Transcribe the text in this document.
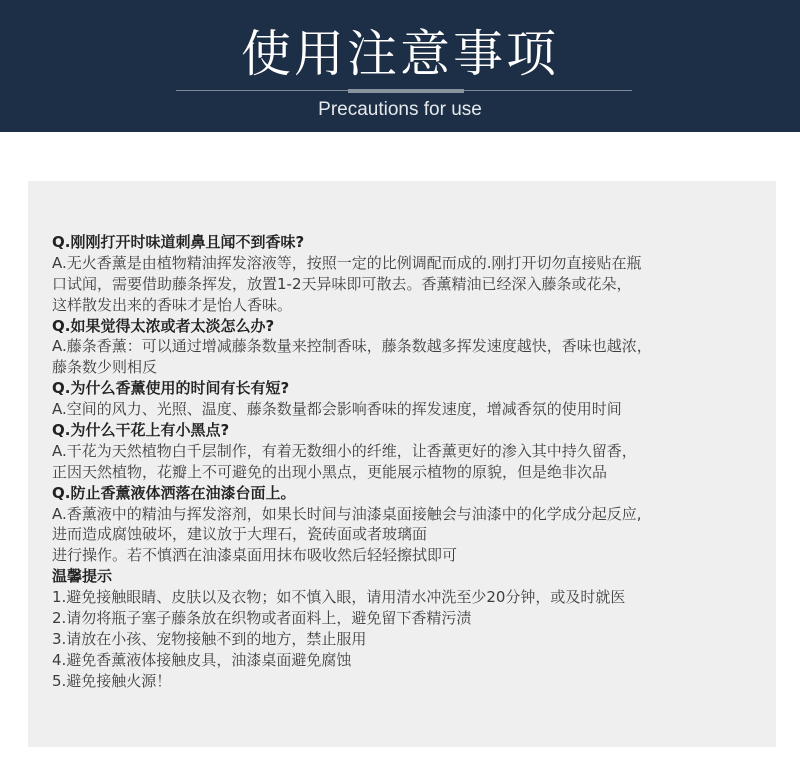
使用注意事项
Precautions for use
Q.刚刚打开时味道刺鼻且闻不到香味?
A.无火香薰是由植物精油挥发溶液等，按照一定的比例调配而成的.刚打开切勿直接贴在瓶
口试闻，需要借助藤条挥发，放置1-2天异味即可散去。香薰精油已经深入藤条或花朵，
这样散发出来的香味才是怡人香味。
Q.如果觉得太浓或者太淡怎么办?
A.藤条香薰：可以通过增减藤条数量来控制香味，藤条数越多挥发速度越快，香味也越浓，
藤条数少则相反
Q.为什么香薰使用的时间有长有短?
A.空间的风力、光照、温度、藤条数量都会影响香味的挥发速度，增减香氛的使用时间
Q.为什么干花上有小黑点?
A.干花为天然植物白千层制作，有着无数细小的纤维，让香薰更好的渗入其中持久留香，
正因天然植物，花瓣上不可避免的出现小黑点，更能展示植物的原貌，但是绝非次品
Q.防止香薰液体洒落在油漆台面上。
A.香薰液中的精油与挥发溶剂，如果长时间与油漆桌面接触会与油漆中的化学成分起反应,
进而造成腐蚀破坏，建议放于大理石，瓷砖面或者玻璃面
进行操作。若不慎洒在油漆桌面用抹布吸收然后轻轻擦拭即可
温馨提示
1.避免接触眼睛、皮肤以及衣物；如不慎入眼，请用清水冲洗至少20分钟，或及时就医
2.请勿将瓶子塞子藤条放在织物或者面料上，避免留下香精污渍
3.请放在小孩、宠物接触不到的地方，禁止服用
4.避免香薰液体接触皮具，油漆桌面避免腐蚀
5.避免接触火源！
